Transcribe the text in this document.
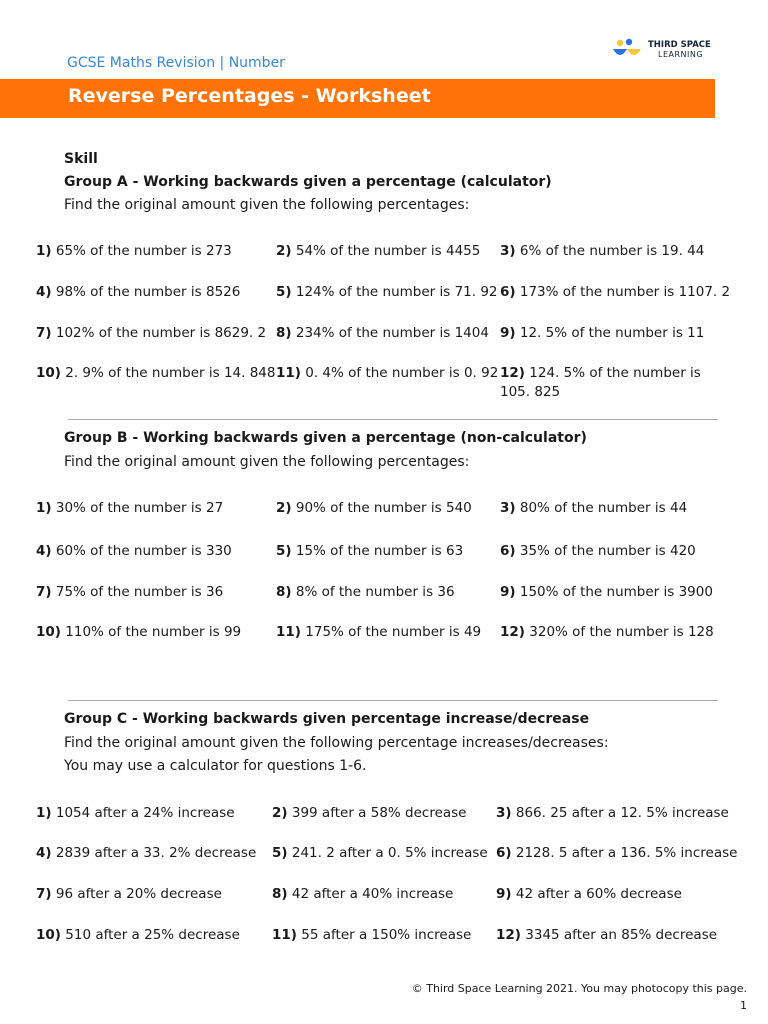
GCSE Maths Revision | Number
THIRD SPACE
LEARNING
Reverse Percentages - Worksheet
Skill
Group A - Working backwards given a percentage (calculator)
Find the original amount given the following percentages:
1) 65% of the number is 273	2) 54% of the number is 4455 3) 6% of the number is 19. 44
4) 98% of the number is 8526	5) 124% of the number is 71. 92 6) 173% of the number is 1107. 2
7) 102% of the number is 8629. 2 8) 234% of the number is 1404 9) 12. 5% of the number is 11
10) 2. 9% of the number is 14. 848 11) 0. 4% of the number is 0. 92 12) 124. 5% of the number is
105. 825
Group B - Working backwards given a percentage (non-calculator)
Find the original amount given the following percentages:
1) 30% of the number is 27	2) 90% of the number is 540 3) 80% of the number is 44
4) 60% of the number is 330	5) 15% of the number is 63	6) 35% of the number is 420
7) 75% of the number is 36	8) 8% of the number is 36	9) 150% of the number is 3900
10) 110% of the number is 99	11) 175% of the number is 49 12) 320% of the number is 128
Group C - Working backwards given percentage increase/decrease
Find the original amount given the following percentage increases/decreases:
You may use a calculator for questions 1-6.
1) 1054 after a 24% increase	2) 399 after a 58% decrease 3) 866. 25 after a 12. 5% increase
4) 2839 after a 33. 2% decrease 5) 241. 2 after a 0. 5% increase 6) 2128. 5 after a 136. 5% increase
7) 96 after a 20% decrease	8) 42 after a 40% increase	9) 42 after a 60% decrease
10) 510 after a 25% decrease 11) 55 after a 150% increase 12) 3345 after an 85% decrease
© Third Space Learning 2021. You may photocopy this page.
1
